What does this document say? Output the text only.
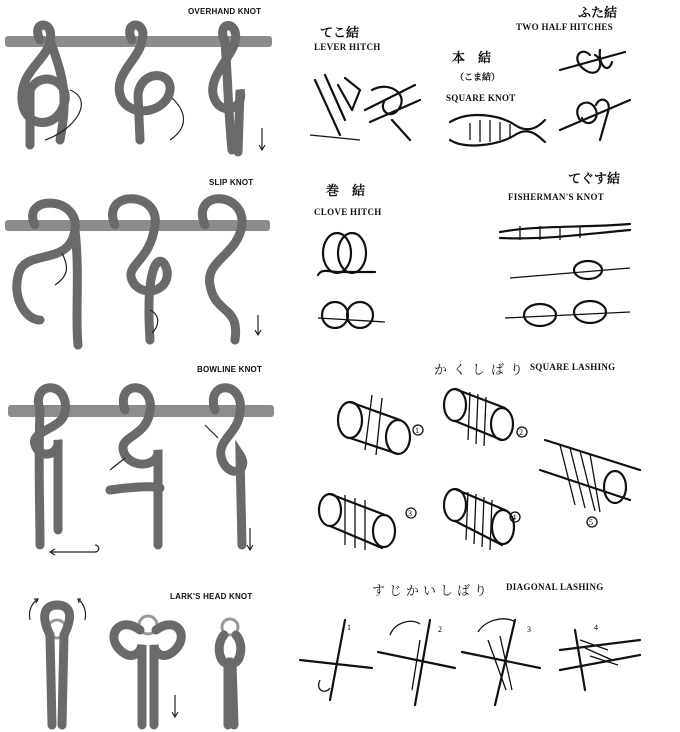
OVERHAND KNOT
SLIP KNOT
BOWLINE KNOT
LARK'S HEAD KNOT
てこ結
LEVER HITCH
ふた結
TWO HALF HITCHES
本　結
（こま結）
SQUARE KNOT
巻　結
CLOVE HITCH
てぐす結
FISHERMAN'S KNOT
かくしばり SQUARE LASHING
1	2
3	4
5
すじかいしばり DIAGONAL LASHING
1	2	3	4
